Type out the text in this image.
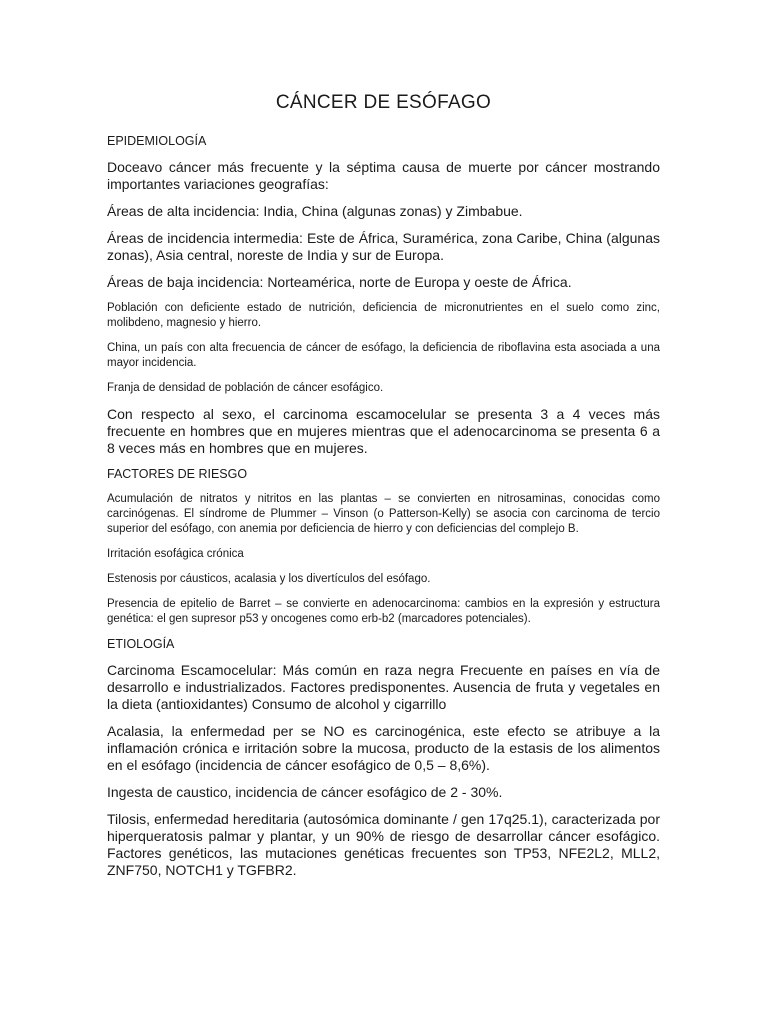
CÁNCER DE ESÓFAGO
EPIDEMIOLOGÍA

Doceavo cáncer más frecuente y la séptima causa de muerte por cáncer mostrando importantes variaciones geografías:

Áreas de alta incidencia: India, China (algunas zonas) y Zimbabue.

Áreas de incidencia intermedia: Este de África, Suramérica, zona Caribe, China (algunas zonas), Asia central, noreste de India y sur de Europa.

Áreas de baja incidencia: Norteamérica, norte de Europa y oeste de África.

Población con deficiente estado de nutrición, deficiencia de micronutrientes en el suelo como zinc, molibdeno, magnesio y hierro.

China, un país con alta frecuencia de cáncer de esófago, la deficiencia de riboflavina esta asociada a una mayor incidencia.

Franja de densidad de población de cáncer esofágico.

Con respecto al sexo, el carcinoma escamocelular se presenta 3 a 4 veces más frecuente en hombres que en mujeres mientras que el adenocarcinoma se presenta 6 a 8 veces más en hombres que en mujeres.

FACTORES DE RIESGO

Acumulación de nitratos y nitritos en las plantas – se convierten en nitrosaminas, conocidas como carcinógenas. El síndrome de Plummer – Vinson (o Patterson-Kelly) se asocia con carcinoma de tercio superior del esófago, con anemia por deficiencia de hierro y con deficiencias del complejo B.

Irritación esofágica crónica

Estenosis por cáusticos, acalasia y los divertículos del esófago.

Presencia de epitelio de Barret – se convierte en adenocarcinoma: cambios en la expresión y estructura genética: el gen supresor p53 y oncogenes como erb-b2 (marcadores potenciales).

ETIOLOGÍA

Carcinoma Escamocelular: Más común en raza negra Frecuente en países en vía de desarrollo e industrializados. Factores predisponentes. Ausencia de fruta y vegetales en la dieta (antioxidantes) Consumo de alcohol y cigarrillo

Acalasia, la enfermedad per se NO es carcinogénica, este efecto se atribuye a la inflamación crónica e irritación sobre la mucosa, producto de la estasis de los alimentos en el esófago (incidencia de cáncer esofágico de 0,5 – 8,6%).

Ingesta de caustico, incidencia de cáncer esofágico de 2 - 30%.

Tilosis, enfermedad hereditaria (autosómica dominante / gen 17q25.1), caracterizada por hiperqueratosis palmar y plantar, y un 90% de riesgo de desarrollar cáncer esofágico. Factores genéticos, las mutaciones genéticas frecuentes son TP53, NFE2L2, MLL2, ZNF750, NOTCH1 y TGFBR2.
